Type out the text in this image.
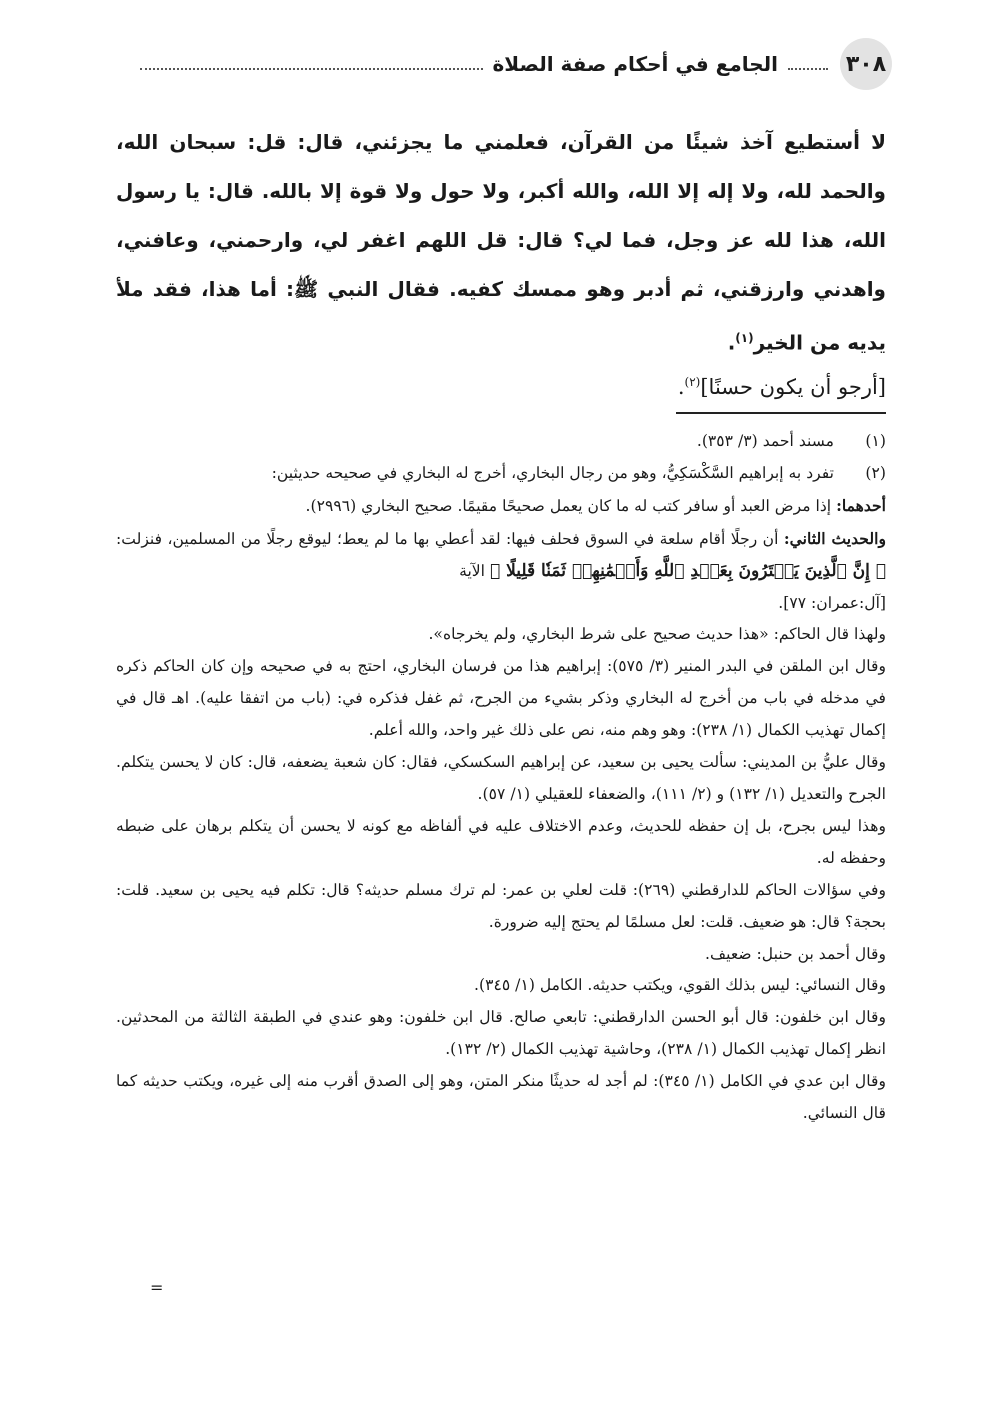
٣٠٨
الجامع في أحكام صفة الصلاة

لا أستطيع آخذ شيئًا من القرآن، فعلمني ما يجزئني، قال: قل: سبحان الله، والحمد لله، ولا إله إلا الله، والله أكبر، ولا حول ولا قوة إلا بالله. قال: يا رسول الله، هذا لله عز وجل، فما لي؟ قال: قل اللهم اغفر لي، وارحمني، وعافني، واهدني وارزقني، ثم أدبر وهو ممسك كفيه. فقال النبي ﷺ: أما هذا، فقد ملأ يديه من الخير$^{(١)}$.

[أرجو أن يكون حسنًا]$^{(٢)}$.

(١)مسند أحمد (٣/ ٣٥٣).

(٢)تفرد به إبراهيم السَّكْسَكِيُّ، وهو من رجال البخاري، أخرج له البخاري في صحيحه حديثين:

أحدهما: إذا مرض العبد أو سافر كتب له ما كان يعمل صحيحًا مقيمًا. صحيح البخاري (٢٩٩٦).

والحديث الثاني: أن رجلًا أقام سلعة في السوق فحلف فيها: لقد أعطي بها ما لم يعط؛ ليوقع رجلًا من المسلمين، فنزلت: ﴿ إِنَّ ٱلَّذِينَ يَشۡتَرُونَ بِعَهۡدِ ٱللَّهِ وَأَيۡمَٰنِهِمۡ ثَمَنٗا قَلِيلًا ﴾ الآية

[آل:عمران: ٧٧].

ولهذا قال الحاكم: «هذا حديث صحيح على شرط البخاري، ولم يخرجاه».

وقال ابن الملقن في البدر المنير (٣/ ٥٧٥): إبراهيم هذا من فرسان البخاري، احتج به في صحيحه وإن كان الحاكم ذكره في مدخله في باب من أخرج له البخاري وذكر بشيء من الجرح، ثم غفل فذكره في: (باب من اتفقا عليه). اهـ قال في إكمال تهذيب الكمال (١/ ٢٣٨): وهو وهم منه، نص على ذلك غير واحد، والله أعلم.

وقال عليُّ بن المديني: سألت يحيى بن سعيد، عن إبراهيم السكسكي، فقال: كان شعبة يضعفه، قال: كان لا يحسن يتكلم. الجرح والتعديل (١/ ١٣٢) و (٢/ ١١١)، والضعفاء للعقيلي (١/ ٥٧).

وهذا ليس بجرح، بل إن حفظه للحديث، وعدم الاختلاف عليه في ألفاظه مع كونه لا يحسن أن يتكلم برهان على ضبطه وحفظه له.

وفي سؤالات الحاكم للدارقطني (٢٦٩): قلت لعلي بن عمر: لم ترك مسلم حديثه؟ قال: تكلم فيه يحيى بن سعيد. قلت: بحجة؟ قال: هو ضعيف. قلت: لعل مسلمًا لم يحتج إليه ضرورة.

وقال أحمد بن حنبل: ضعيف.

وقال النسائي: ليس بذلك القوي، ويكتب حديثه. الكامل (١/ ٣٤٥).

وقال ابن خلفون: قال أبو الحسن الدارقطني: تابعي صالح. قال ابن خلفون: وهو عندي في الطبقة الثالثة من المحدثين. انظر إكمال تهذيب الكمال (١/ ٢٣٨)، وحاشية تهذيب الكمال (٢/ ١٣٢).

وقال ابن عدي في الكامل (١/ ٣٤٥): لم أجد له حديثًا منكر المتن، وهو إلى الصدق أقرب منه إلى غيره، ويكتب حديثه كما قال النسائي.

=
